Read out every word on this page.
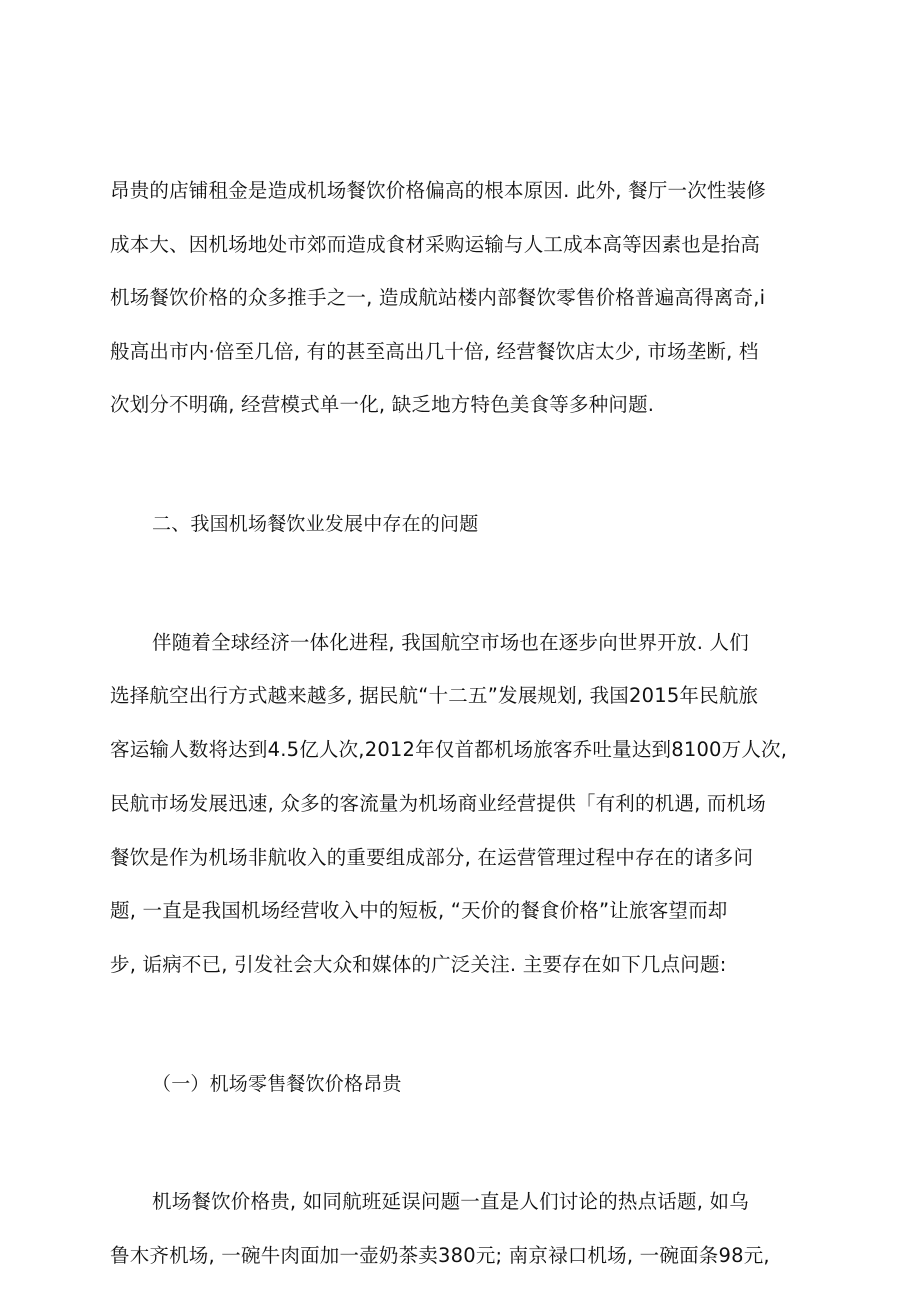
昂贵的店铺租金是造成机场餐饮价格偏高的根本原因. 此外, 餐厅一次性装修
成本大、因机场地处市郊而造成食材采购运输与人工成本高等因素也是抬高
机场餐饮价格的众多推手之一, 造成航站楼内部餐饮零售价格普遍高得离奇,i
般高出市内·倍至几倍, 有的甚至高出几十倍, 经营餐饮店太少, 市场垄断, 档
次划分不明确, 经营模式单一化, 缺乏地方特色美食等多种问题.
二、我国机场餐饮业发展中存在的问题
伴随着全球经济一体化进程, 我国航空市场也在逐步向世界开放. 人们
选择航空出行方式越来越多, 据民航“十二五”发展规划, 我国2015年民航旅
客运输人数将达到4.5亿人次,2012年仅首都机场旅客乔吐量达到8100万人次,
民航市场发展迅速, 众多的客流量为机场商业经营提供「有利的机遇, 而机场
餐饮是作为机场非航收入的重要组成部分, 在运营管理过程中存在的诸多问
题, 一直是我国机场经营收入中的短板, “天价的餐食价格”让旅客望而却
步, 诟病不已, 引发社会大众和媒体的广泛关注. 主要存在如下几点问题:
（一）机场零售餐饮价格昂贵
机场餐饮价格贵, 如同航班延误问题一直是人们讨论的热点话题, 如乌
鲁木齐机场, 一碗牛肉面加一壶奶茶卖380元; 南京禄口机场, 一碗面条98元,
